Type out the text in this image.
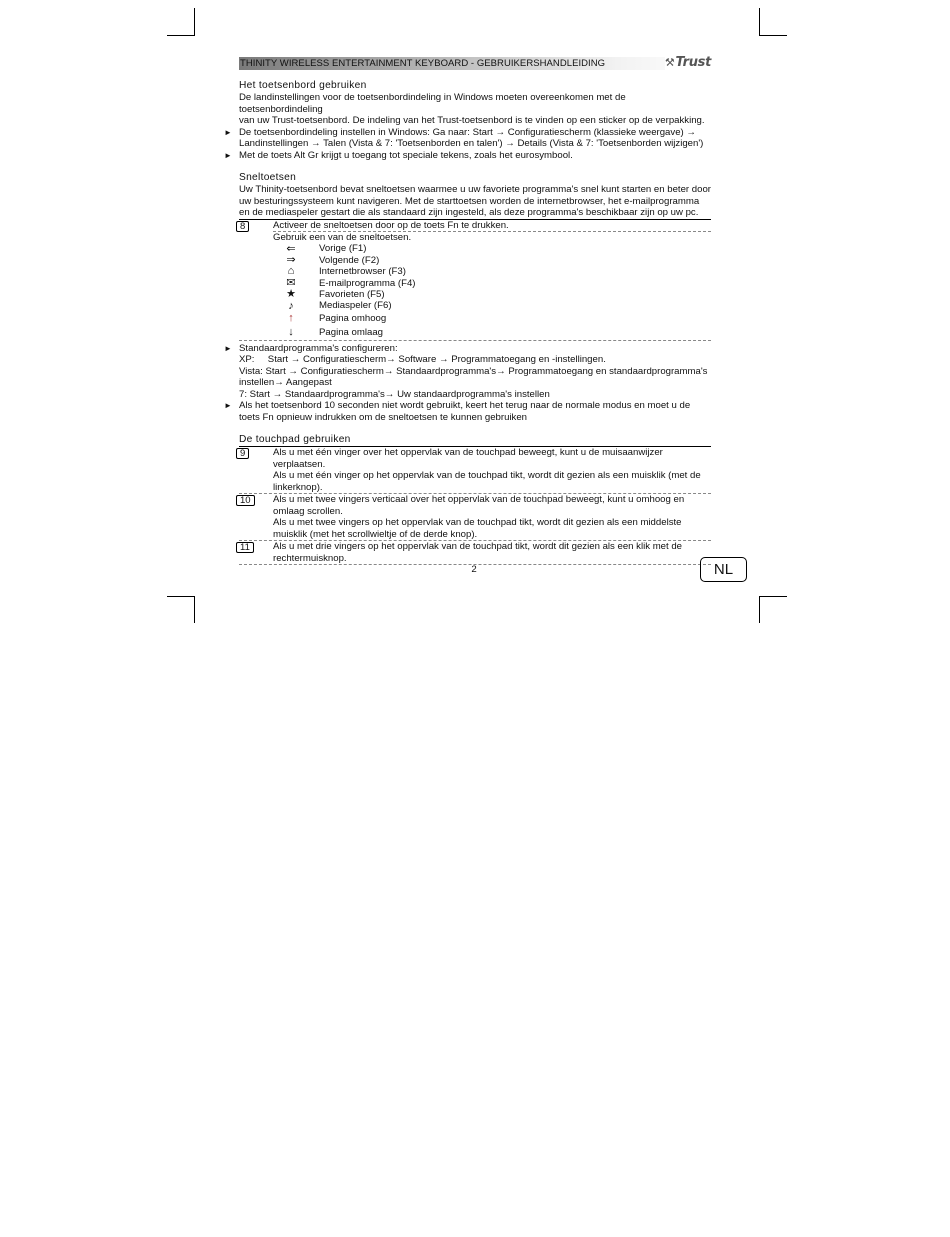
THINITY WIRELESS ENTERTAINMENT KEYBOARD - GEBRUIKERSHANDLEIDING	⚒Trust

Het toetsenbord gebruiken

De landinstellingen voor de toetsenbordindeling in Windows moeten overeenkomen met de toetsenbordindeling

van uw Trust-toetsenbord. De indeling van het Trust-toetsenbord is te vinden op een sticker op de verpakking.

► De toetsenbordindeling instellen in Windows: Ga naar: Start → Configuratiescherm (klassieke weergave) →

Landinstellingen → Talen (Vista & 7: 'Toetsenborden en talen') → Details (Vista & 7: 'Toetsenborden wijzigen')

► Met de toets Alt Gr krijgt u toegang tot speciale tekens, zoals het eurosymbool.

Sneltoetsen

Uw Thinity-toetsenbord bevat sneltoetsen waarmee u uw favoriete programma's snel kunt starten en beter door

uw besturingssysteem kunt navigeren. Met de starttoetsen worden de internetbrowser, het e-mailprogramma

en de mediaspeler gestart die als standaard zijn ingesteld, als deze programma's beschikbaar zijn op uw pc.

8	Activeer de sneltoetsen door op de toets Fn te drukken.

Gebruik een van de sneltoetsen.

⇐	Vorige (F1)
⇒	Volgende (F2)
⌂	Internetbrowser (F3)
✉	E-mailprogramma (F4)
★	Favorieten (F5)
♪	Mediaspeler (F6)
↑	Pagina omhoog
↓	Pagina omlaag

► Standaardprogramma's configureren:

XP:     Start → Configuratiescherm→ Software → Programmatoegang en -instellingen.

Vista: Start → Configuratiescherm→ Standaardprogramma's→ Programmatoegang en standaardprogramma's

instellen→ Aangepast

7: Start → Standaardprogramma's→ Uw standaardprogramma's instellen

► Als het toetsenbord 10 seconden niet wordt gebruikt, keert het terug naar de normale modus en moet u de

toets Fn opnieuw indrukken om de sneltoetsen te kunnen gebruiken

De touchpad gebruiken

9	Als u met één vinger over het oppervlak van de touchpad beweegt, kunt u de muisaanwijzer

verplaatsen.

Als u met één vinger op het oppervlak van de touchpad tikt, wordt dit gezien als een muisklik (met de

linkerknop).

10	Als u met twee vingers verticaal over het oppervlak van de touchpad beweegt, kunt u omhoog en

omlaag scrollen.

Als u met twee vingers op het oppervlak van de touchpad tikt, wordt dit gezien als een middelste

muisklik (met het scrollwieltje of de derde knop).

11	Als u met drie vingers op het oppervlak van de touchpad tikt, wordt dit gezien als een klik met de

rechtermuisknop.

2	NL
